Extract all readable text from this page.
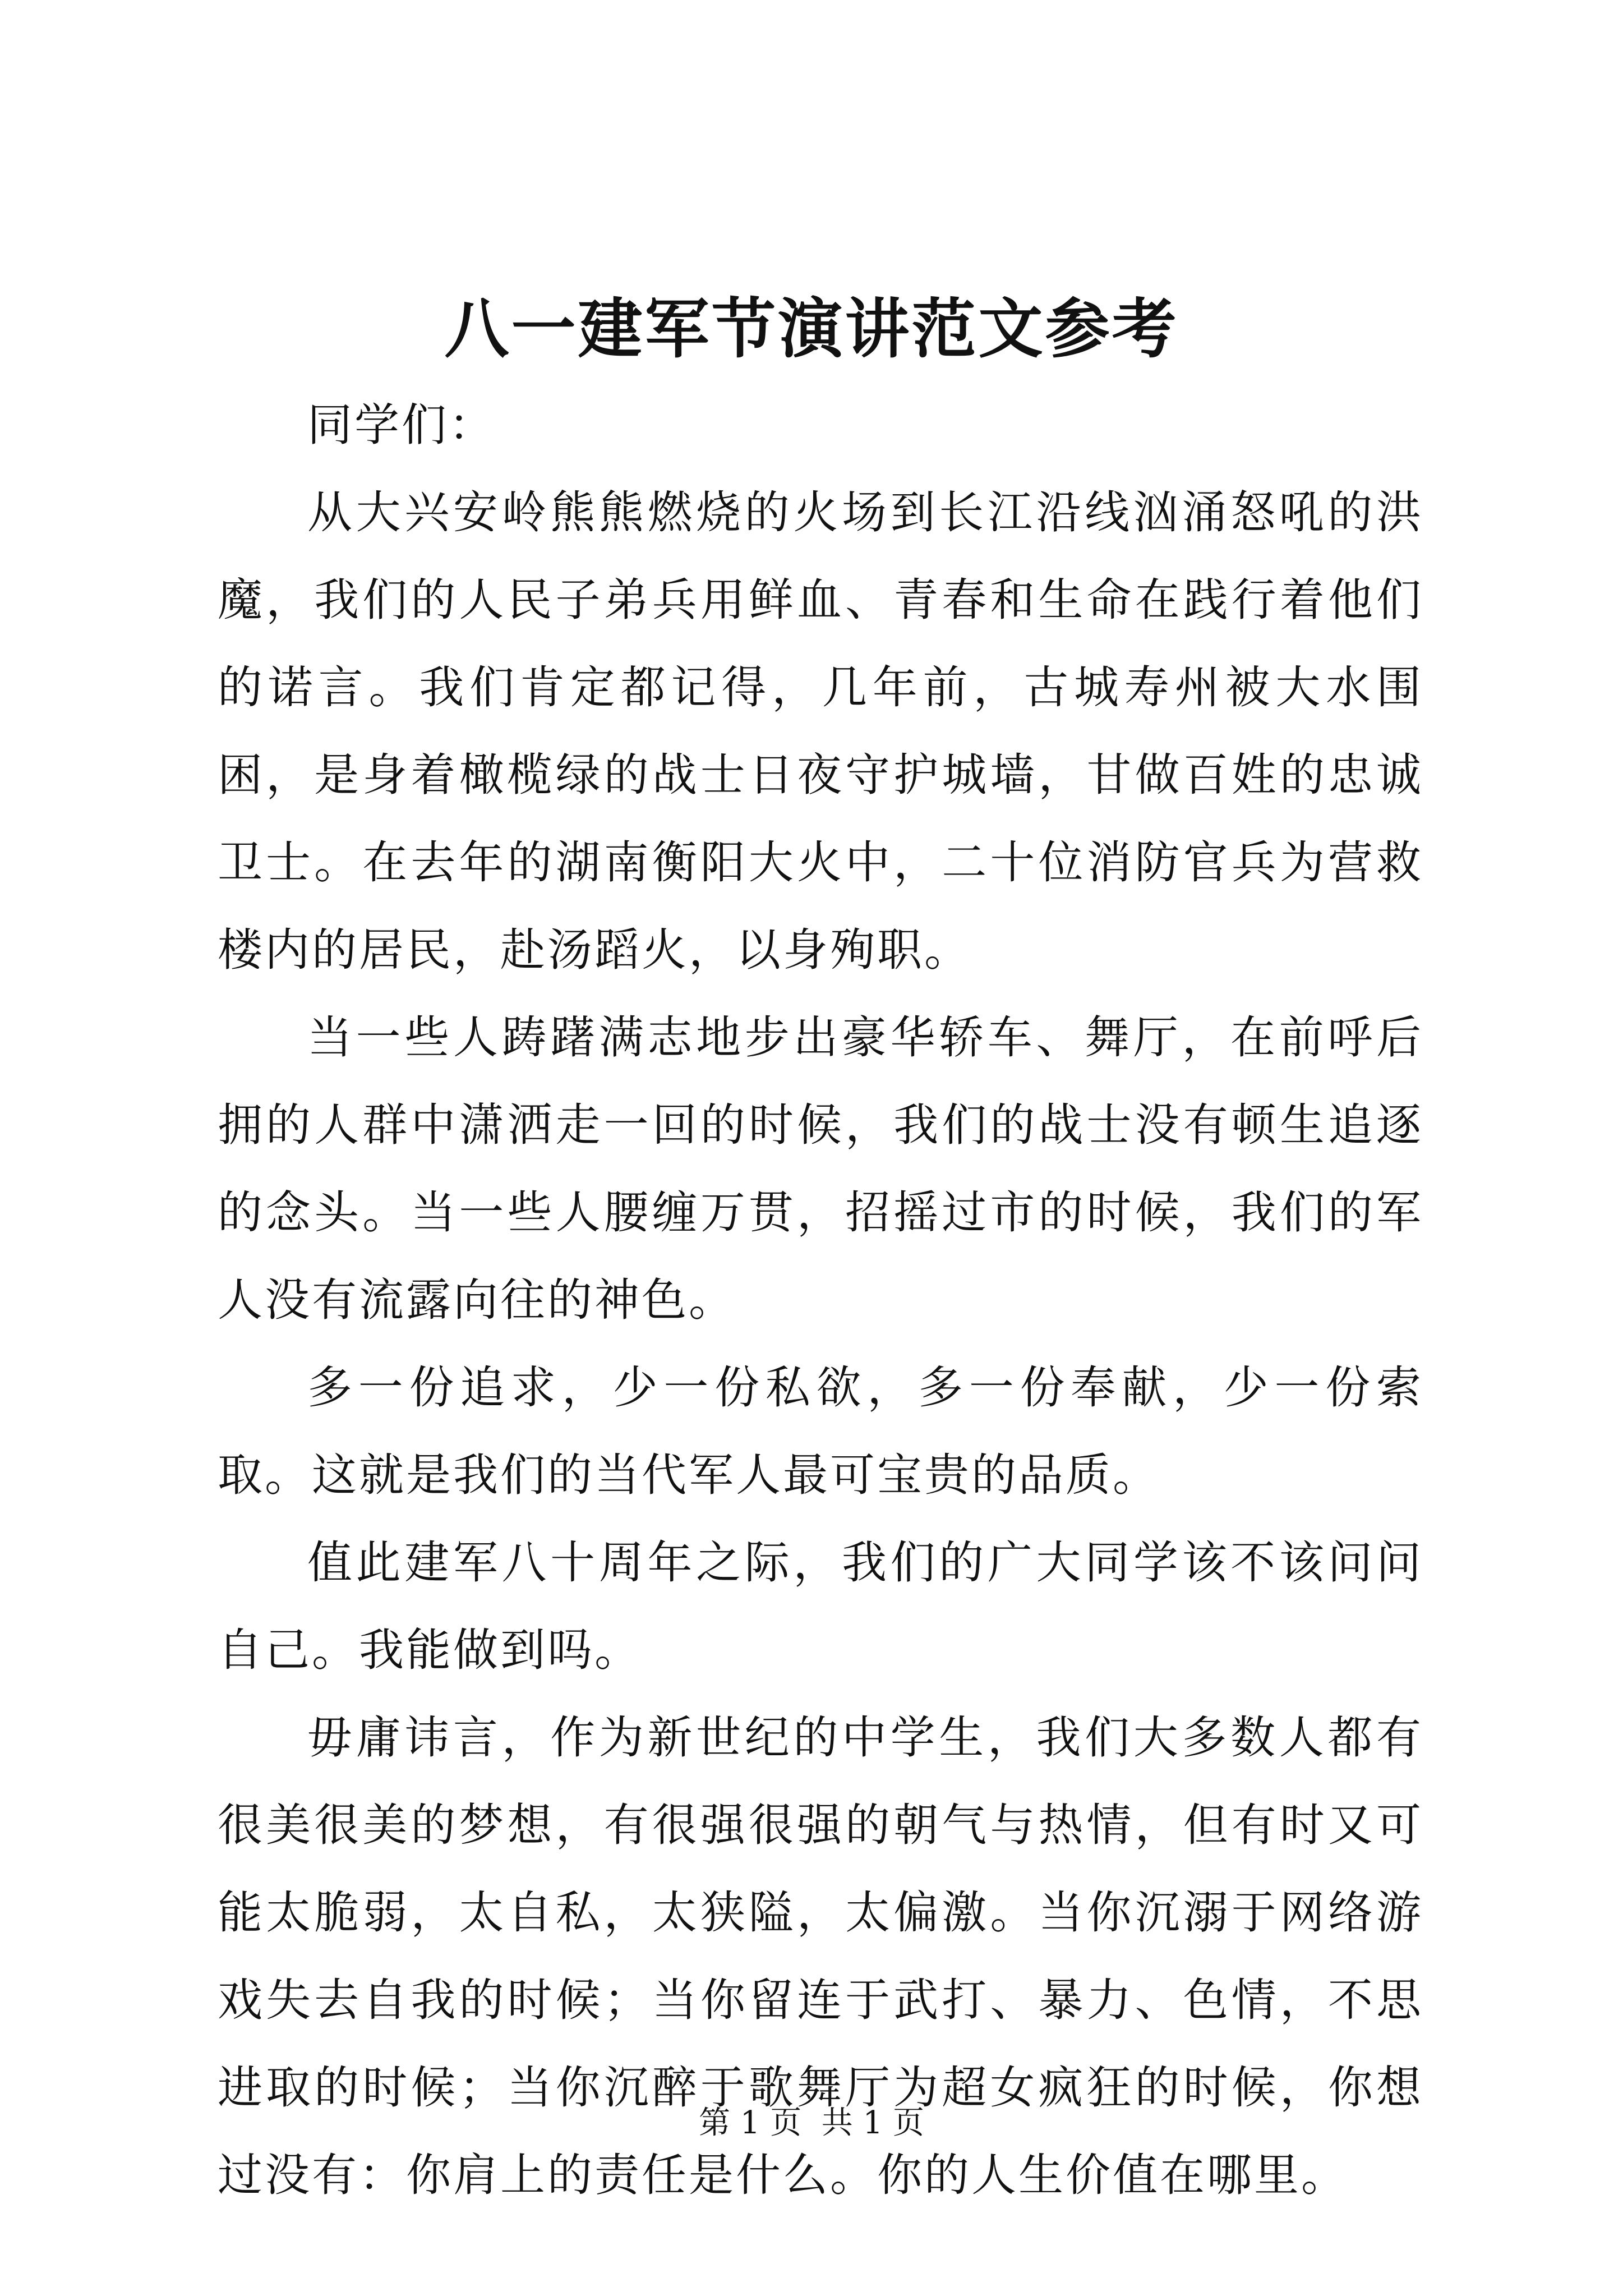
八一建军节演讲范文参考

同学们：

从大兴安岭熊熊燃烧的火场到长江沿线汹涌怒吼的洪魔，我们的人民子弟兵用鲜血、青春和生命在践行着他们的诺言。我们肯定都记得，几年前，古城寿州被大水围困，是身着橄榄绿的战士日夜守护城墙，甘做百姓的忠诚卫士。在去年的湖南衡阳大火中，二十位消防官兵为营救楼内的居民，赴汤蹈火，以身殉职。

当一些人踌躇满志地步出豪华轿车、舞厅，在前呼后拥的人群中潇洒走一回的时候，我们的战士没有顿生追逐的念头。当一些人腰缠万贯，招摇过市的时候，我们的军人没有流露向往的神色。

多一份追求，少一份私欲，多一份奉献，少一份索取。这就是我们的当代军人最可宝贵的品质。

值此建军八十周年之际，我们的广大同学该不该问问自己。我能做到吗。

毋庸讳言，作为新世纪的中学生，我们大多数人都有很美很美的梦想，有很强很强的朝气与热情，但有时又可能太脆弱，太自私，太狭隘，太偏激。当你沉溺于网络游戏失去自我的时候；当你留连于武打、暴力、色情，不思进取的时候；当你沉醉于歌舞厅为超女疯狂的时候，你想过没有：你肩上的责任是什么。你的人生价值在哪里。

第 1 页  共 1 页
